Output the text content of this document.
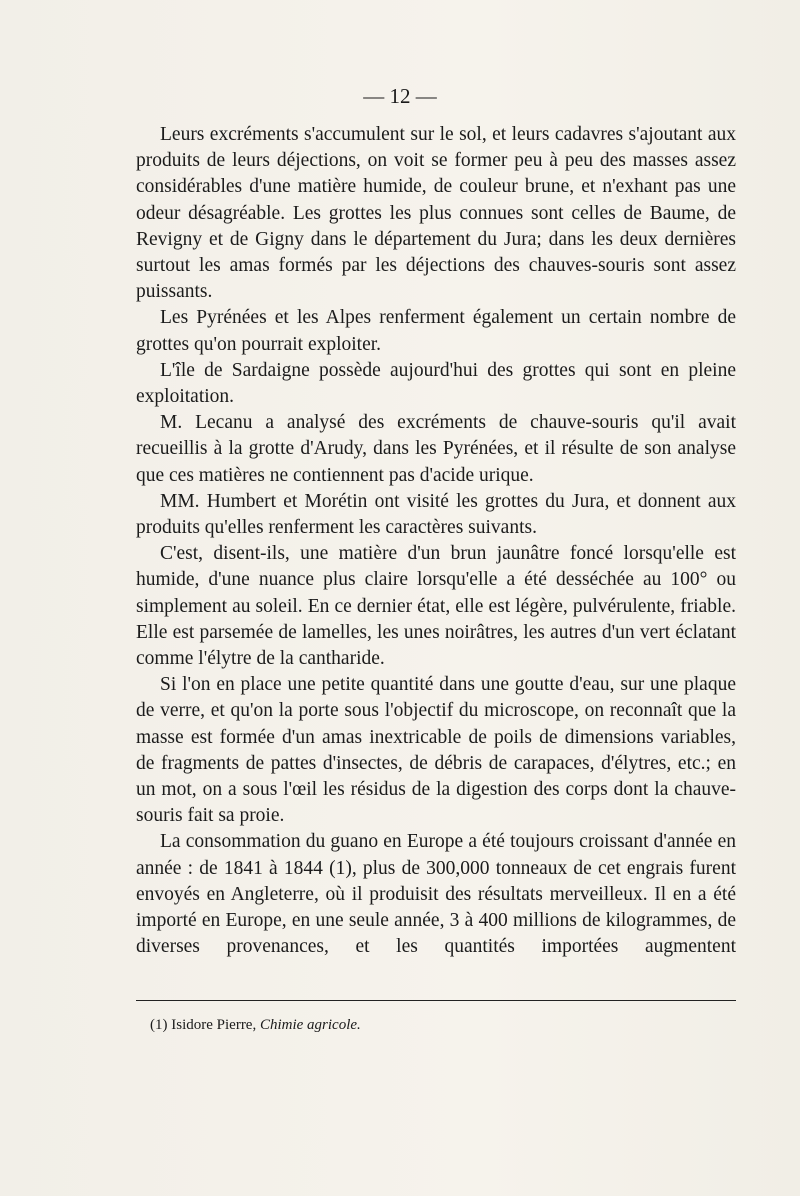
— 12 —

Leurs excréments s'accumulent sur le sol, et leurs cadavres s'ajoutant aux produits de leurs déjections, on voit se former peu à peu des masses assez considérables d'une matière humide, de couleur brune, et n'exhant pas une odeur désagréable. Les grottes les plus connues sont celles de Baume, de Revigny et de Gigny dans le département du Jura; dans les deux dernières surtout les amas formés par les déjections des chauves-souris sont assez puissants.

Les Pyrénées et les Alpes renferment également un certain nombre de grottes qu'on pourrait exploiter.

L'île de Sardaigne possède aujourd'hui des grottes qui sont en pleine exploitation.

M. Lecanu a analysé des excréments de chauve-souris qu'il avait recueillis à la grotte d'Arudy, dans les Pyrénées, et il résulte de son analyse que ces matières ne contiennent pas d'acide urique.

MM. Humbert et Morétin ont visité les grottes du Jura, et donnent aux produits qu'elles renferment les caractères suivants.

C'est, disent-ils, une matière d'un brun jaunâtre foncé lorsqu'elle est humide, d'une nuance plus claire lorsqu'elle a été desséchée au 100° ou simplement au soleil. En ce dernier état, elle est légère, pulvérulente, friable. Elle est parsemée de lamelles, les unes noirâtres, les autres d'un vert éclatant comme l'élytre de la cantharide.

Si l'on en place une petite quantité dans une goutte d'eau, sur une plaque de verre, et qu'on la porte sous l'objectif du microscope, on reconnaît que la masse est formée d'un amas inextricable de poils de dimensions variables, de fragments de pattes d'insectes, de débris de carapaces, d'élytres, etc.; en un mot, on a sous l'œil les résidus de la digestion des corps dont la chauve-souris fait sa proie.

La consommation du guano en Europe a été toujours croissant d'année en année : de 1841 à 1844 (1), plus de 300,000 tonneaux de cet engrais furent envoyés en Angleterre, où il produisit des résultats merveilleux. Il en a été importé en Europe, en une seule année, 3 à 400 millions de kilogrammes, de diverses provenances, et les quantités importées augmentent

(1) Isidore Pierre, Chimie agricole.
